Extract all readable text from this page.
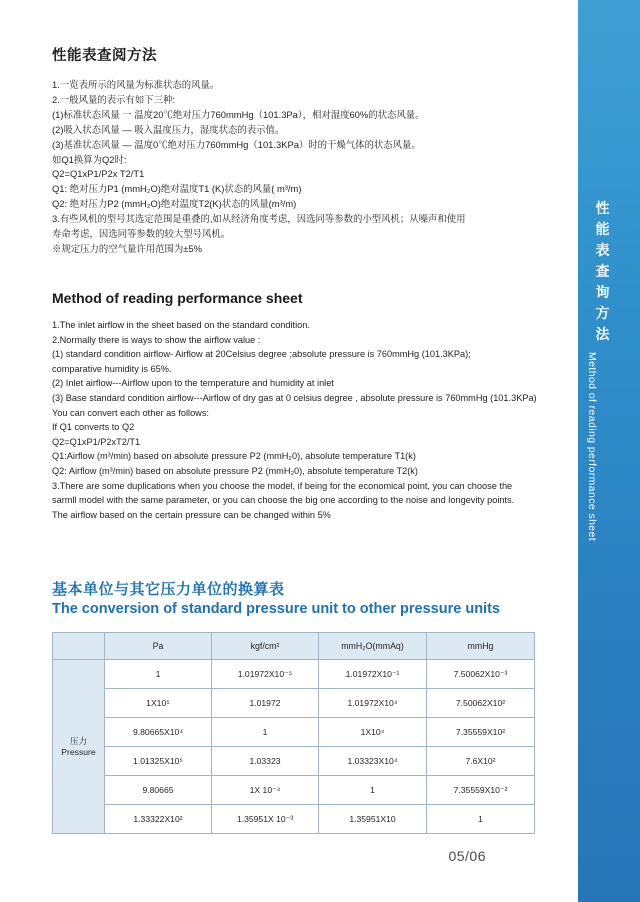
性能表查询方法
Method of reading performance sheet
性能表查阅方法

1.一览表所示的风量为标准状态的风量。

2.一般风量的表示有如下三种:

(1)标准状态风量 一 温度20℃绝对压力760mmHg（101.3Pa），相对湿度60%的状态风量。

(2)吸入状态风量 — 吸入温度压力，湿度状态的表示值。

(3)基准状态风量 — 温度0℃绝对压力760mmHg（101.3KPa）时的干燥气体的状态风量。

如Q1换算为Q2时:

Q2=Q1xP1/P2x T2/T1

Q1: 绝对压力P1 (mmH₂O)绝对温度T1 (K)状态的风量( m³/m)

Q2: 绝对压力P2 (mmH₂O)绝对温度T2(K)状态的风量(m³/m)

3.有些风机的型号其选定范围是重叠的,如从经济角度考虑，因选同等参数的小型风机；从噪声和使用

寿命考虑，因选同等参数的较大型号风机。

※规定压力的空气量许用范围为±5%

Method of reading performance sheet

1.The inlet airflow in the sheet based on the standard condition.

2.Normally there is ways to show the airflow value :

(1) standard condition airflow- Airflow at 20Celsius degree ;absolute pressure is 760mmHg (101.3KPa);

comparative humidity is 65%.

(2) Inlet airflow---Airflow upon to the temperature and humidity at inlet

(3) Base standard condition airflow---Airflow of dry gas at 0 celsius degree , absolute pressure is 760mmHg (101.3KPa)

You can convert each other as follows:

If Q1 converts to Q2

Q2=Q1xP1/P2xT2/T1

Q1:Airflow (m³/min) based on absolute pressure P2 (mmH₂0), absolute temperature T1(k)

Q2: Airflow (m³/min) based on absolute pressure P2 (mmH₂0), absolute temperature T2(k)

3.There are some duplications when you choose the model, if being for the economical point, you can choose the

sarmll model with the same parameter, or you can choose the big one according to the noise and longevity points.

The airflow based on the certain pressure can be changed within 5%

基本单位与其它压力单位的换算表
The conversion of standard pressure unit to other pressure units
	Pa	kgf/cm²	mmH₂O(mmAq)	mmHg

压力
Pressure	1	1.01972X10⁻⁵	1.01972X10⁻¹	7.50062X10⁻³
	1X10⁵	1.01972	1.01972X10⁴	7.50062X10²
	9.80665X10⁴	1	1X10⁴	7.35559X10²
	1.01325X10⁵	1.03323	1.03323X10⁴	7.6X10²
	9.80665	1X 10⁻⁴	1	7.35559X10⁻²
	1.33322X10²	1.35951X 10⁻³	1.35951X10	1
05/06
